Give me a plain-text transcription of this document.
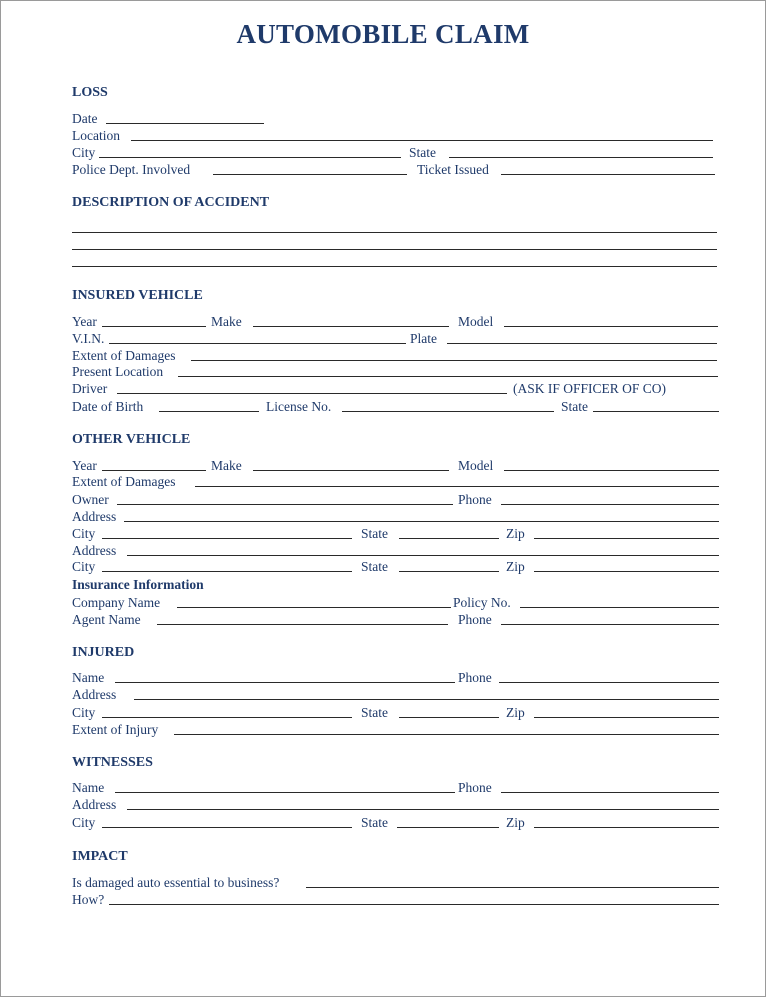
AUTOMOBILE CLAIM
LOSS
Date
Location
City	State
Police Dept. Involved	Ticket Issued
DESCRIPTION OF ACCIDENT
INSURED VEHICLE
Year	Make	Model
V.I.N.	Plate
Extent of Damages
Present Location
Driver	(ASK IF OFFICER OF CO)
Date of Birth	License No.	State
OTHER VEHICLE
Year	Make	Model
Extent of Damages
Owner	Phone
Address
City	State	Zip
Address
City	State	Zip
Insurance Information
Company Name	Policy No.
Agent Name	Phone
INJURED
Name	Phone
Address
City	State	Zip
Extent of Injury
WITNESSES
Name	Phone
Address
City	State	Zip
IMPACT
Is damaged auto essential to business?
How?
